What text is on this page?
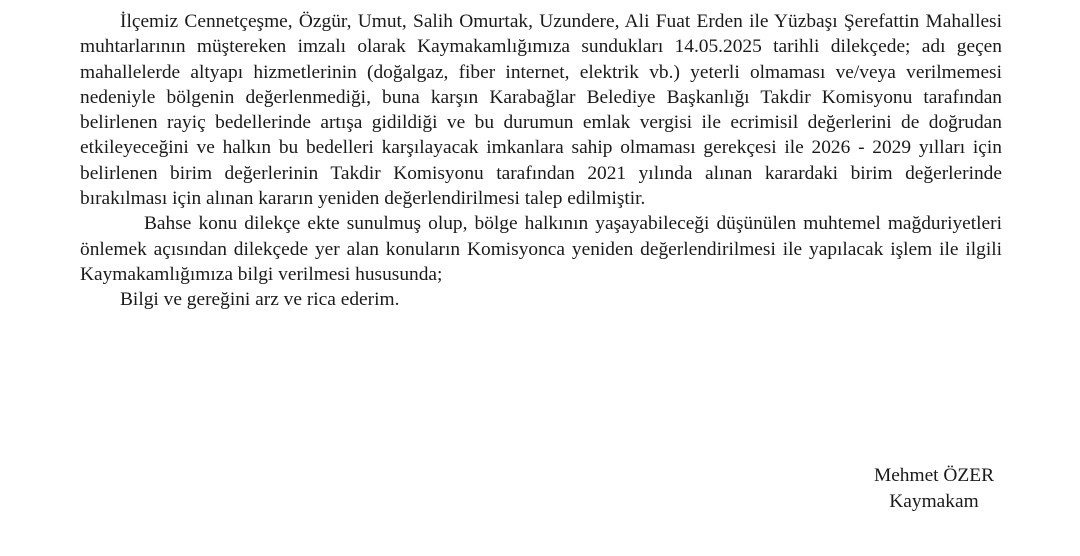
İlçemiz Cennetçeşme, Özgür, Umut, Salih Omurtak, Uzundere, Ali Fuat Erden ile Yüzbaşı Şerefattin Mahallesi muhtarlarının müştereken imzalı olarak Kaymakamlığımıza sundukları 14.05.2025 tarihli dilekçede; adı geçen mahallelerde altyapı hizmetlerinin (doğalgaz, fiber internet, elektrik vb.) yeterli olmaması ve/veya verilmemesi nedeniyle bölgenin değerlenmediği, buna karşın Karabağlar Belediye Başkanlığı Takdir Komisyonu tarafından belirlenen rayiç bedellerinde artışa gidildiği ve bu durumun emlak vergisi ile ecrimisil değerlerini de doğrudan etkileyeceğini ve halkın bu bedelleri karşılayacak imkanlara sahip olmaması gerekçesi ile 2026 - 2029 yılları için belirlenen birim değerlerinin Takdir Komisyonu tarafından 2021 yılında alınan karardaki birim değerlerinde bırakılması için alınan kararın yeniden değerlendirilmesi talep edilmiştir.

Bahse konu dilekçe ekte sunulmuş olup, bölge halkının yaşayabileceği düşünülen muhtemel mağduriyetleri önlemek açısından dilekçede yer alan konuların Komisyonca yeniden değerlendirilmesi ile yapılacak işlem ile ilgili Kaymakamlığımıza bilgi verilmesi hususunda;

Bilgi ve gereğini arz ve rica ederim.

Mehmet ÖZER
Kaymakam
